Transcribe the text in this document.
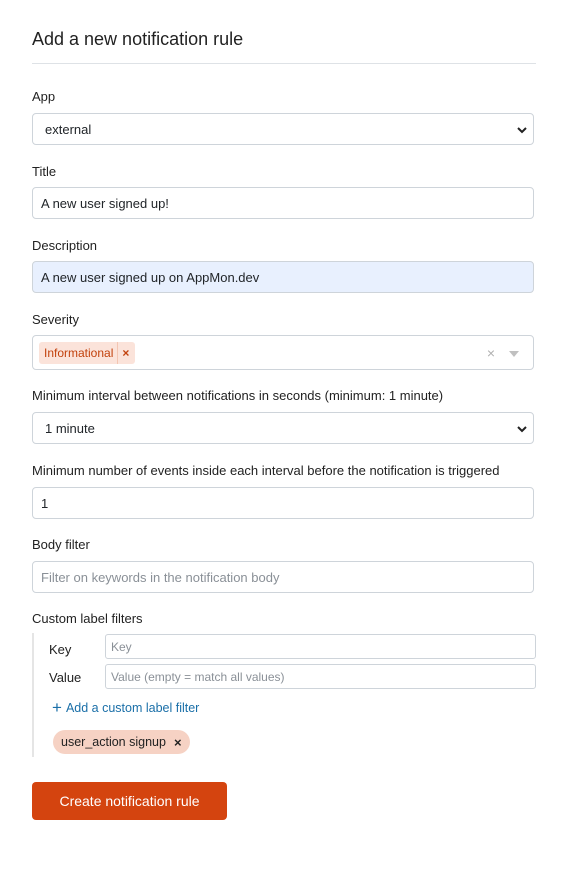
Add a new notification rule
App
external
Title
A new user signed up!
Description
A new user signed up on AppMon.dev
Severity
Informational ×	×
Minimum interval between notifications in seconds (minimum: 1 minute)
1 minute
Minimum number of events inside each interval before the notification is triggered
1
Body filter
Filter on keywords in the notification body
Custom label filters
Key	Key
Value Value (empty = match all values)
+ Add a custom label filter
user_action signup ×
Create notification rule
